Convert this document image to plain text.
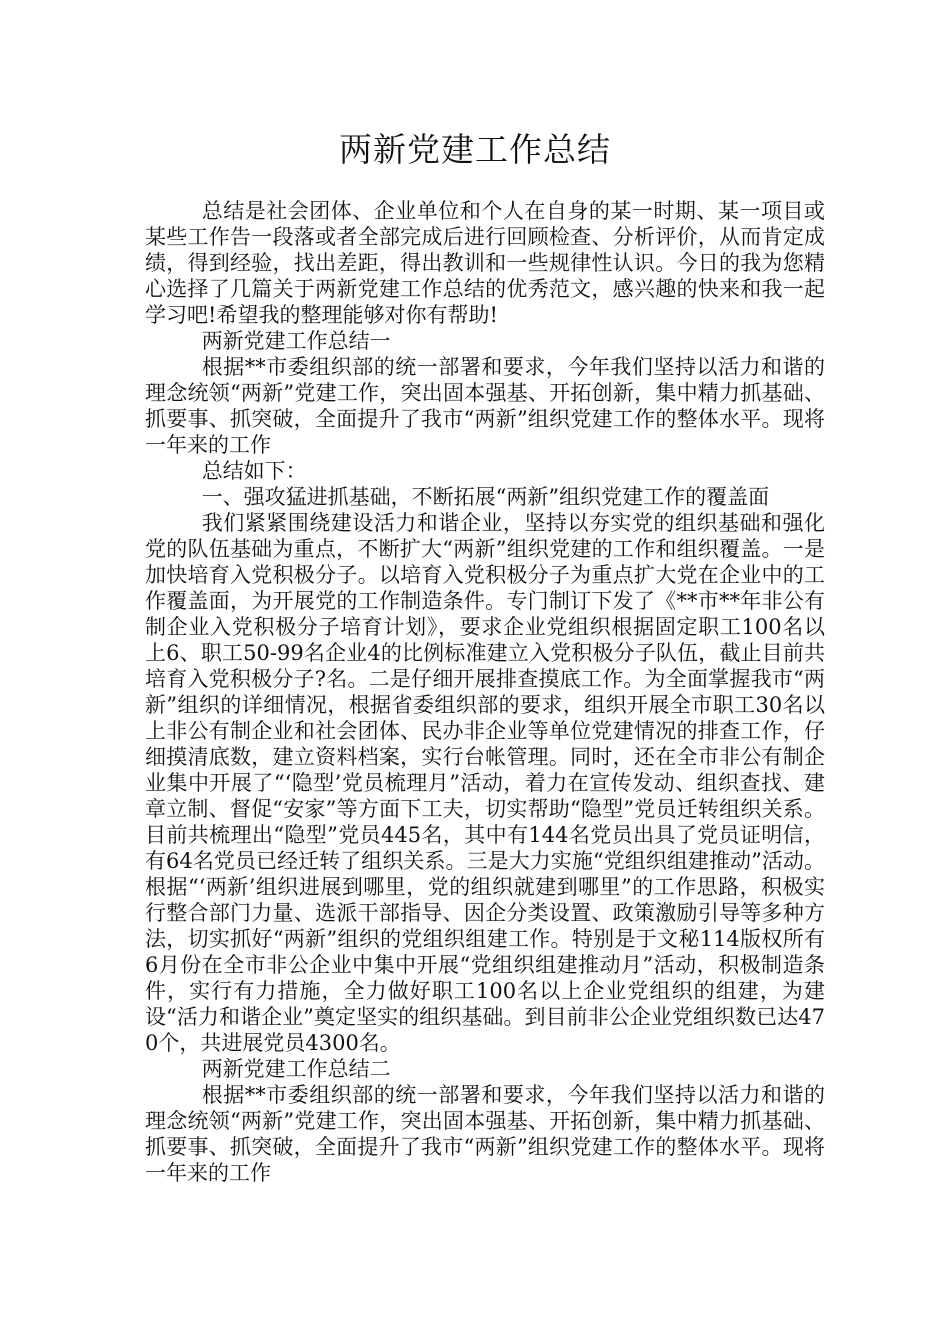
两新党建工作总结

总结是社会团体、企业单位和个人在自身的某一时期、某一项目或某些工作告一段落或者全部完成后进行回顾检查、分析评价，从而肯定成绩，得到经验，找出差距，得出教训和一些规律性认识。今日的我为您精心选择了几篇关于两新党建工作总结的优秀范文，感兴趣的快来和我一起学习吧!希望我的整理能够对你有帮助!

两新党建工作总结一

根据**市委组织部的统一部署和要求，今年我们坚持以活力和谐的理念统领“两新”党建工作，突出固本强基、开拓创新，集中精力抓基础、抓要事、抓突破，全面提升了我市“两新”组织党建工作的整体水平。现将一年来的工作

总结如下：

一、强攻猛进抓基础，不断拓展“两新”组织党建工作的覆盖面

我们紧紧围绕建设活力和谐企业，坚持以夯实党的组织基础和强化党的队伍基础为重点，不断扩大“两新”组织党建的工作和组织覆盖。一是加快培育入党积极分子。以培育入党积极分子为重点扩大党在企业中的工作覆盖面，为开展党的工作制造条件。专门制订下发了《**市**年非公有制企业入党积极分子培育计划》，要求企业党组织根据固定职工100名以上6、职工50-99名企业4的比例标准建立入党积极分子队伍，截止目前共培育入党积极分子?名。二是仔细开展排查摸底工作。为全面掌握我市“两新”组织的详细情况，根据省委组织部的要求，组织开展全市职工30名以上非公有制企业和社会团体、民办非企业等单位党建情况的排查工作，仔细摸清底数，建立资料档案，实行台帐管理。同时，还在全市非公有制企业集中开展了“‘隐型’党员梳理月”活动，着力在宣传发动、组织查找、建章立制、督促“安家”等方面下工夫，切实帮助“隐型”党员迁转组织关系。目前共梳理出“隐型”党员445名，其中有144名党员出具了党员证明信，有64名党员已经迁转了组织关系。三是大力实施“党组织组建推动”活动。根据“‘两新’组织进展到哪里，党的组织就建到哪里”的工作思路，积极实行整合部门力量、选派干部指导、因企分类设置、政策激励引导等多种方法，切实抓好“两新”组织的党组织组建工作。特别是于文秘114版权所有6月份在全市非公企业中集中开展“党组织组建推动月”活动，积极制造条件，实行有力措施，全力做好职工100名以上企业党组织的组建，为建设“活力和谐企业”奠定坚实的组织基础。到目前非公企业党组织数已达470个，共进展党员4300名。

两新党建工作总结二

根据**市委组织部的统一部署和要求，今年我们坚持以活力和谐的理念统领“两新”党建工作，突出固本强基、开拓创新，集中精力抓基础、抓要事、抓突破，全面提升了我市“两新”组织党建工作的整体水平。现将一年来的工作
